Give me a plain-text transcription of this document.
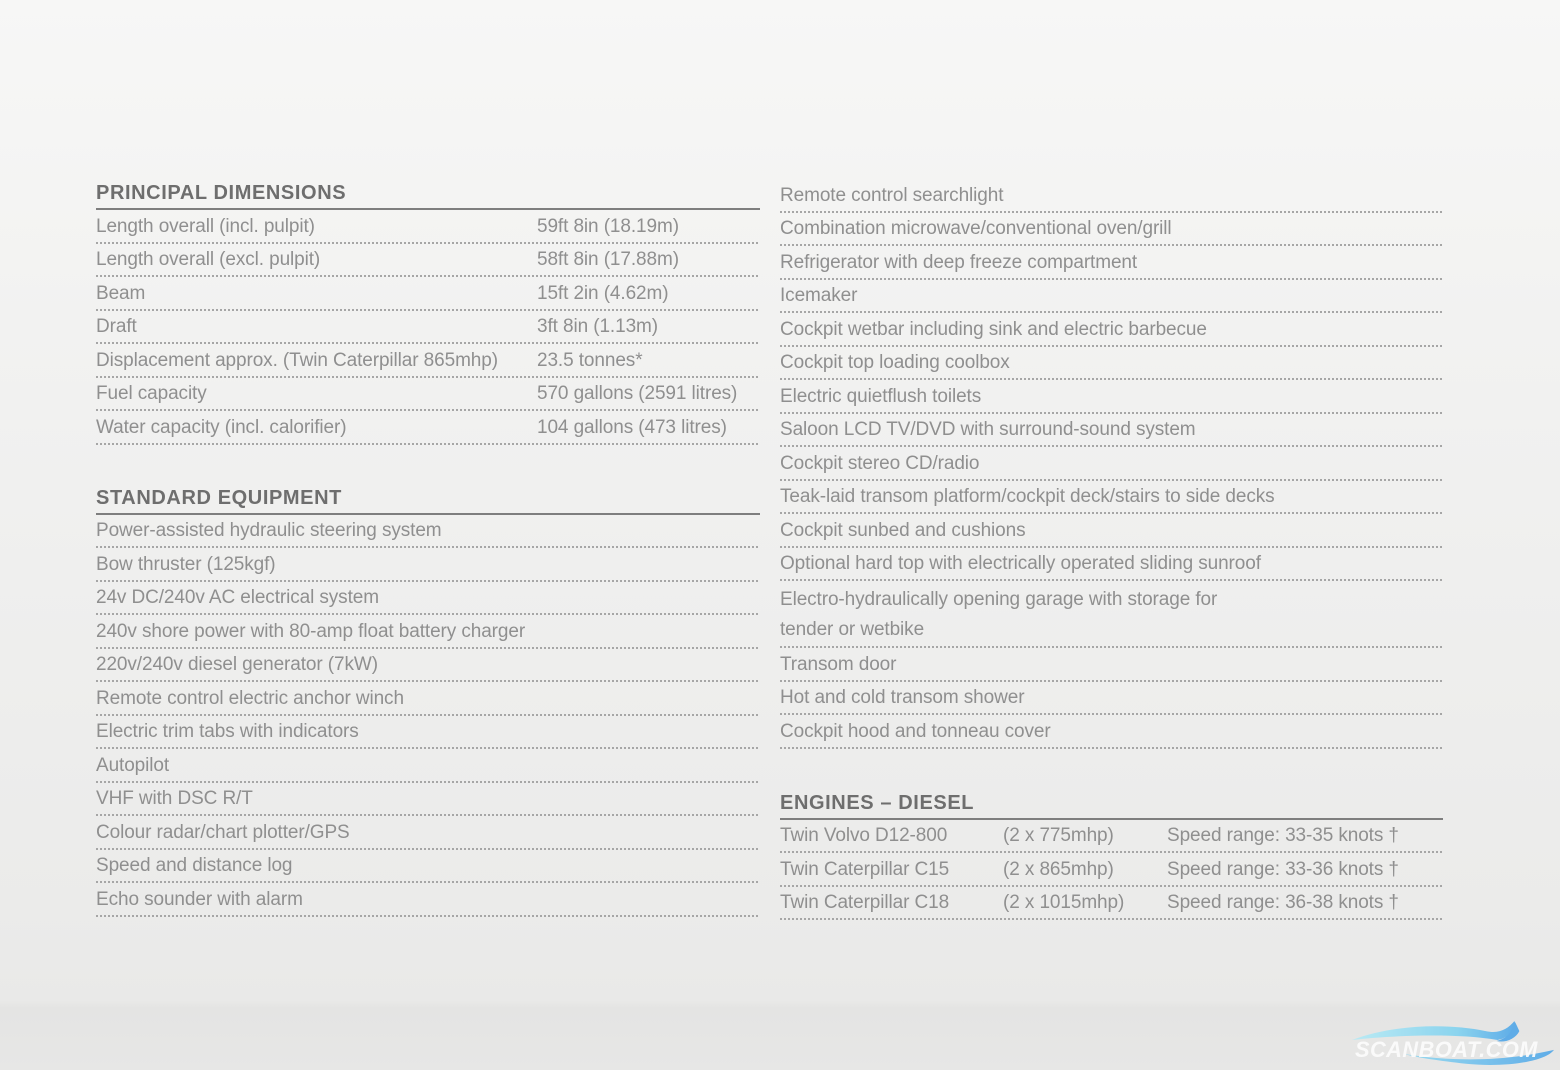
PRINCIPAL DIMENSIONS
Length overall (incl. pulpit)	59ft 8in (18.19m)
Length overall (excl. pulpit)	58ft 8in (17.88m)
Beam	15ft 2in (4.62m)
Draft	3ft 8in (1.13m)
Displacement approx. (Twin Caterpillar 865mhp)	23.5 tonnes*
Fuel capacity	570 gallons (2591 litres)
Water capacity (incl. calorifier)	104 gallons (473 litres)
STANDARD EQUIPMENT
Power-assisted hydraulic steering system
Bow thruster (125kgf)
24v DC/240v AC electrical system
240v shore power with 80-amp float battery charger
220v/240v diesel generator (7kW)
Remote control electric anchor winch
Electric trim tabs with indicators
Autopilot
VHF with DSC R/T
Colour radar/chart plotter/GPS
Speed and distance log
Echo sounder with alarm
Remote control searchlight
Combination microwave/conventional oven/grill
Refrigerator with deep freeze compartment
Icemaker
Cockpit wetbar including sink and electric barbecue
Cockpit top loading coolbox
Electric quietflush toilets
Saloon LCD TV/DVD with surround-sound system
Cockpit stereo CD/radio
Teak-laid transom platform/cockpit deck/stairs to side decks
Cockpit sunbed and cushions
Optional hard top with electrically operated sliding sunroof
Electro-hydraulically opening garage with storage for
tender or wetbike
Transom door
Hot and cold transom shower
Cockpit hood and tonneau cover
ENGINES – DIESEL
Twin Volvo D12-800	(2 x 775mhp)	Speed range: 33-35 knots †
Twin Caterpillar C15	(2 x 865mhp)	Speed range: 33-36 knots †
Twin Caterpillar C18	(2 x 1015mhp)	Speed range: 36-38 knots †
SCANBOAT.COM
